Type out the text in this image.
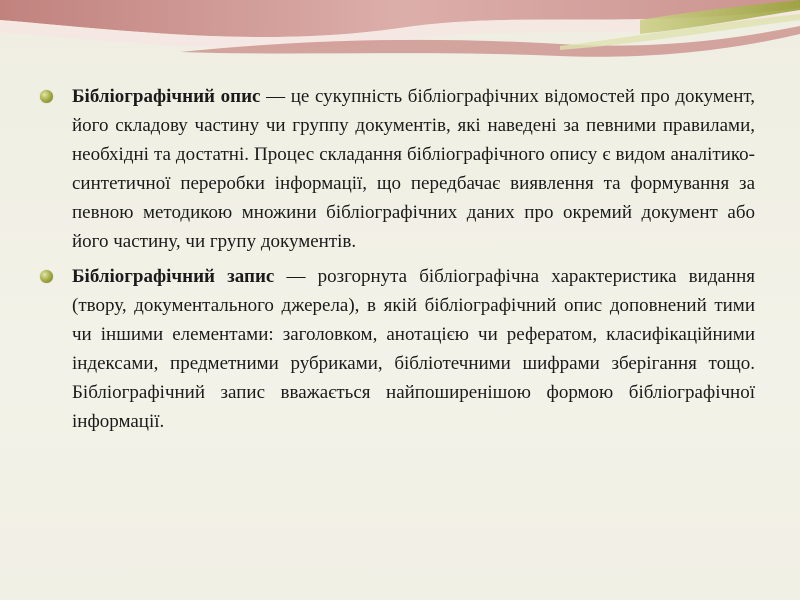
Бібліографічний опис — це сукупність бібліографічних відомостей про документ, його складову частину чи группу документів, які наведені за певними правилами, необхідні та достатні. Процес складання бібліографічного опису є видом аналітико-синтетичної переробки інформації, що передбачає виявлення та формування за певною методикою множини бібліографічних даних про окремий документ або його частину, чи групу документів.
Бібліографічний запис — розгорнута бібліографічна характеристика видання (твору, документального джерела), в якій бібліографічний опис доповнений тими чи іншими елементами: заголовком, анотацією чи рефератом, класифікаційними індексами, предметними рубриками, бібліотечними шифрами зберігання тощо. Бібліографічний запис вважається найпоширенішою формою бібліографічної інформації.
